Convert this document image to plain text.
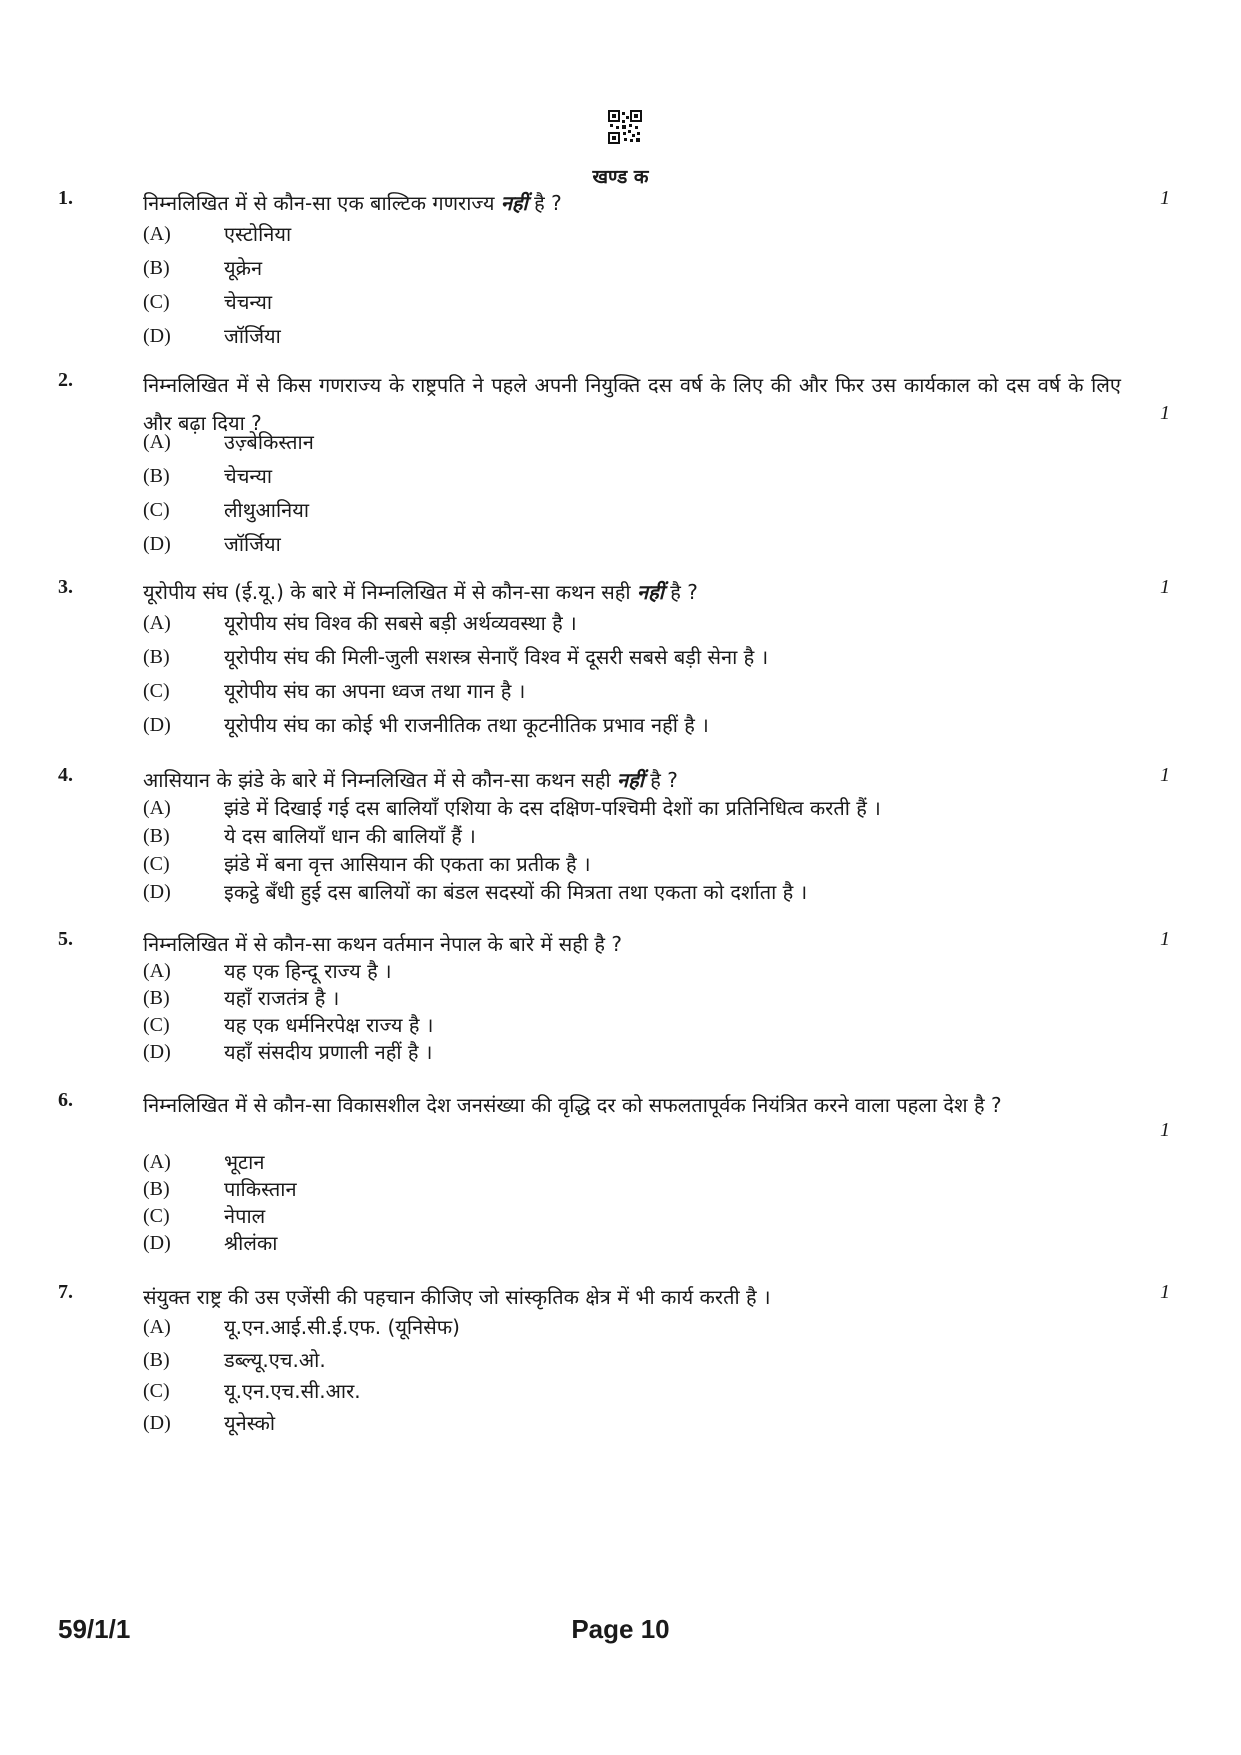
खण्ड क
1.	निम्नलिखित में से कौन-सा एक बाल्टिक गणराज्य नहीं है ?	1
(A)	एस्टोनिया
(B)	यूक्रेन
(C)	चेचन्या
(D)	जॉर्जिया
2.	निम्नलिखित में से किस गणराज्य के राष्ट्रपति ने पहले अपनी नियुक्ति दस वर्ष के लिए की और फिर उस कार्यकाल को दस वर्ष के लिए और बढ़ा दिया ?	1
(A)	उज़्बेकिस्तान
(B)	चेचन्या
(C)	लीथुआनिया
(D)	जॉर्जिया
3.	यूरोपीय संघ (ई.यू.) के बारे में निम्नलिखित में से कौन-सा कथन सही नहीं है ?	1
(A)	यूरोपीय संघ विश्व की सबसे बड़ी अर्थव्यवस्था है ।
(B)	यूरोपीय संघ की मिली-जुली सशस्त्र सेनाएँ विश्व में दूसरी सबसे बड़ी सेना है ।
(C)	यूरोपीय संघ का अपना ध्वज तथा गान है ।
(D)	यूरोपीय संघ का कोई भी राजनीतिक तथा कूटनीतिक प्रभाव नहीं है ।
4.	आसियान के झंडे के बारे में निम्नलिखित में से कौन-सा कथन सही नहीं है ?	1
(A)	झंडे में दिखाई गई दस बालियाँ एशिया के दस दक्षिण-पश्चिमी देशों का प्रतिनिधित्व करती हैं ।
(B)	ये दस बालियाँ धान की बालियाँ हैं ।
(C)	झंडे में बना वृत्त आसियान की एकता का प्रतीक है ।
(D)	इकट्ठे बँधी हुई दस बालियों का बंडल सदस्यों की मित्रता तथा एकता को दर्शाता है ।
5.	निम्नलिखित में से कौन-सा कथन वर्तमान नेपाल के बारे में सही है ?	1
(A)	यह एक हिन्दू राज्य है ।
(B)	यहाँ राजतंत्र है ।
(C)	यह एक धर्मनिरपेक्ष राज्य है ।
(D)	यहाँ संसदीय प्रणाली नहीं है ।
6.	निम्नलिखित में से कौन-सा विकासशील देश जनसंख्या की वृद्धि दर को सफलतापूर्वक नियंत्रित करने वाला पहला देश है ?
1
(A)	भूटान
(B)	पाकिस्तान
(C)	नेपाल
(D)	श्रीलंका
7.	संयुक्त राष्ट्र की उस एजेंसी की पहचान कीजिए जो सांस्कृतिक क्षेत्र में भी कार्य करती है ।	1
(A)	यू.एन.आई.सी.ई.एफ. (यूनिसेफ)
(B)	डब्ल्यू.एच.ओ.
(C)	यू.एन.एच.सी.आर.
(D)	यूनेस्को
59/1/1	Page 10
